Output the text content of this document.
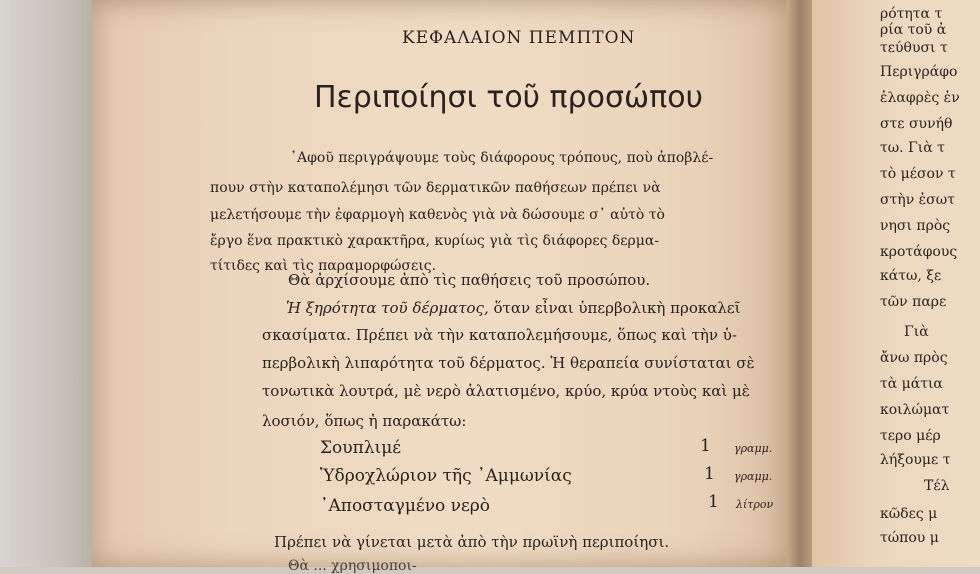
ΚΕΦΑΛΑΙΟΝ ΠΕΜΠΤΟΝ
Περιποίησι τοῦ προσώπου
᾿Αφοῦ περιγράψουμε τοὺς διάφορους τρόπους, ποὺ ἀποβλέ-
πουν στὴν καταπολέμησι τῶν δερματικῶν παθήσεων πρέπει νὰ
μελετήσουμε τὴν ἐφαρμογὴ καθενὸς γιὰ νὰ δώσουμε σ᾿ αὐτὸ τὸ
ἔργο ἕνα πρακτικὸ χαρακτῆρα, κυρίως γιὰ τὶς διάφορες δερμα-
τίτιδες καὶ τὶς παραμορφώσεις.
Θὰ ἀρχίσουμε ἀπὸ τὶς παθήσεις τοῦ προσώπου.
Ἡ ξηρότητα τοῦ δέρματος, ὅταν εἶναι ὑπερβολικὴ προκαλεῖ
σκασίματα. Πρέπει νὰ τὴν καταπολεμήσουμε, ὅπως καὶ τὴν ὑ-
περβολικὴ λιπαρότητα τοῦ δέρματος. Ἡ θεραπεία συνίσταται σὲ
τονωτικὰ λουτρά, μὲ νερὸ ἁλατισμένο, κρύο, κρύα ντοὺς καὶ μὲ
λοσιόν, ὅπως ἡ παρακάτω:
Σουπλιμέ	1 γραμμ.
Ὑδροχλώριον τῆς ᾿Αμμωνίας	1 γραμμ.
᾿Αποσταγμένο νερὸ	1 λίτρον
Πρέπει νὰ γίνεται μετὰ ἀπὸ τὴν πρωϊνὴ περιποίησι.
Θὰ ... χρησιμοποι-
ρότητα τ
ρία τοῦ ἀ
τεύθυσι τ
Περιγράφο
ἐλαφρὲς ἐν
στε συνήθ
τω. Γιὰ τ
τὸ μέσον τ
στὴν ἐσωτ
νησι πρὸς
κροτάφους
κάτω, ξε
τῶν παρε
Γιὰ
ἄνω πρὸς
τὰ μάτια
κοιλώματ
τερο μέρ
λήξουμε τ
Τέλ
κῶδες μ
τώπου μ
